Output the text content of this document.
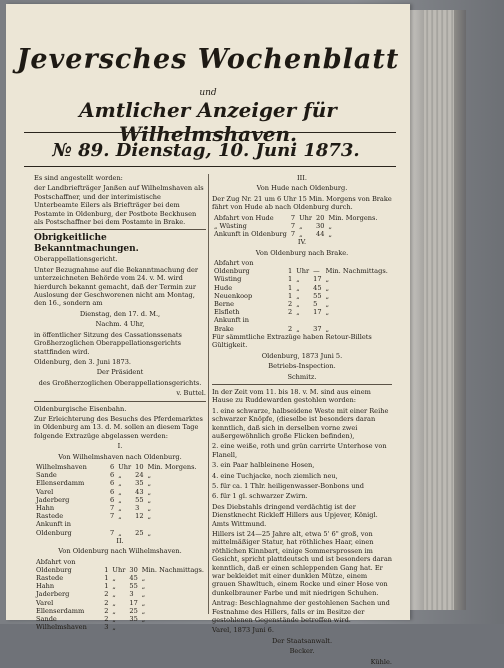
Jeversches Wochenblatt
und
Amtlicher Anzeiger für Wilhelmshaven.
№ 89. Dienstag, 10. Juni 1873.

Es sind angestellt worden:

der Landbriefträger Janßen auf Wilhelmshaven als Postschaffner, und der interimistische Unterbeamte Eilers als Briefträger bei dem Postamte in Oldenburg, der Postbote Beckhusen als Postschaffner bei dem Postamte in Brake.

Obrigkeitliche Bekanntmachungen.

Oberappellationsgericht.

Unter Bezugnahme auf die Bekanntmachung der unterzeichneten Behörde vom 24. v. M. wird hierdurch bekannt gemacht, daß der Termin zur Auslosung der Geschworenen nicht am Montag, den 16., sondern am

Dienstag, den 17. d. M.,

Nachm. 4 Uhr,

in öffentlicher Sitzung des Cassationssenats Großherzoglichen Oberappellationsgerichts stattfinden wird.

Oldenburg, den 3. Juni 1873.

Der Präsident

des Großherzoglichen Oberappellationsgerichts.

v. Buttel.

Oldenburgische Eisenbahn.

Zur Erleichterung des Besuchs des Pferdemarktes in Oldenburg am 13. d. M. sollen an diesem Tage folgende Extrazüge abgelassen werden:

I.

Von Wilhelmshaven nach Oldenburg.

Wilhelmshaven	6	Uhr	10	Min. Morgens.
Sande	6	„	24	„
Ellenserdamm	6	„	35	„
Varel	6	„	43	„
Jaderberg	6	„	55	„
Hahn	7	„	3	„
Rastede	7	„	12	„
Ankunft in				
Oldenburg	7	„	25	„

II.

Von Oldenburg nach Wilhelmshaven.

Abfahrt von				
Oldenburg	1	Uhr	30	Min. Nachmittags.
Rastede	1	„	45	„
Hahn	1	„	55	„
Jaderberg	2	„	3	„
Varel	2	„	17	„
Ellenserdamm	2	„	25	„
Sande	2	„	35	„
Wilhelmshaven	3	„		

III.

Von Hude nach Oldenburg.

Der Zug Nr. 21 um 6 Uhr 15 Min. Morgens von Brake fährt von Hude ab nach Oldenburg durch.

Abfahrt von Hude	7	Uhr	20	Min. Morgens.
„ Wüsting	7	„	30	„
Ankunft in Oldenburg	7	„	44	„

IV.

Von Oldenburg nach Brake.

Abfahrt von				
Oldenburg	1	Uhr	—	Min. Nachmittags.
Wüsting	1	„	17	„
Hude	1	„	45	„
Neuenkoop	1	„	55	„
Berne	2	„	5	„
Elsfleth	2	„	17	„
Ankunft in				
Brake	2	„	37	„

Für sämmtliche Extrazüge haben Retour-Billets Gültigkeit.

Oldenburg, 1873 Juni 5.

Betriebs-Inspection.

Schmitz.

In der Zeit vom 11. bis 18. v. M. sind aus einem Hause zu Ruddewarden gestohlen worden:

1. eine schwarze, halbseidene Weste mit einer Reihe schwarzer Knöpfe, (dieselbe ist besonders daran kenntlich, daß sich in derselben vorne zwei außergewöhnlich große Flicken befinden),

2. eine weiße, roth und grün carrirte Unterhose von Flanell,

3. ein Paar halbleinene Hosen,

4. eine Tuchjacke, noch ziemlich neu,

5. für ca. 1 Thlr. heiligenwasser-Bonbons und

6. für 1 gl. schwarzer Zwirn.

Des Diebstahls dringend verdächtig ist der Dienstknecht Rickleff Hillers aus Upjever, Königl. Amts Wittmund.

Hillers ist 24—25 Jahre alt, etwa 5' 6" groß, von mittelmäßiger Statur, hat röthliches Haar, einen röthlichen Kinnbart, einige Sommersprossen im Gesicht, spricht plattdeutsch und ist besonders daran kenntlich, daß er einen schleppenden Gang hat. Er war bekleidet mit einer dunklen Mütze, einem grauen Shawltuch, einem Rocke und einer Hose von dunkelbrauner Farbe und mit niedrigen Schuhen.

Antrag: Beschlagnahme der gestohlenen Sachen und Festnahme des Hillers, falls er im Besitze der gestohlenen Gegenstände betroffen wird.

Varel, 1873 Juni 6.

Der Staatsanwalt.

Becker.

Kühle.
